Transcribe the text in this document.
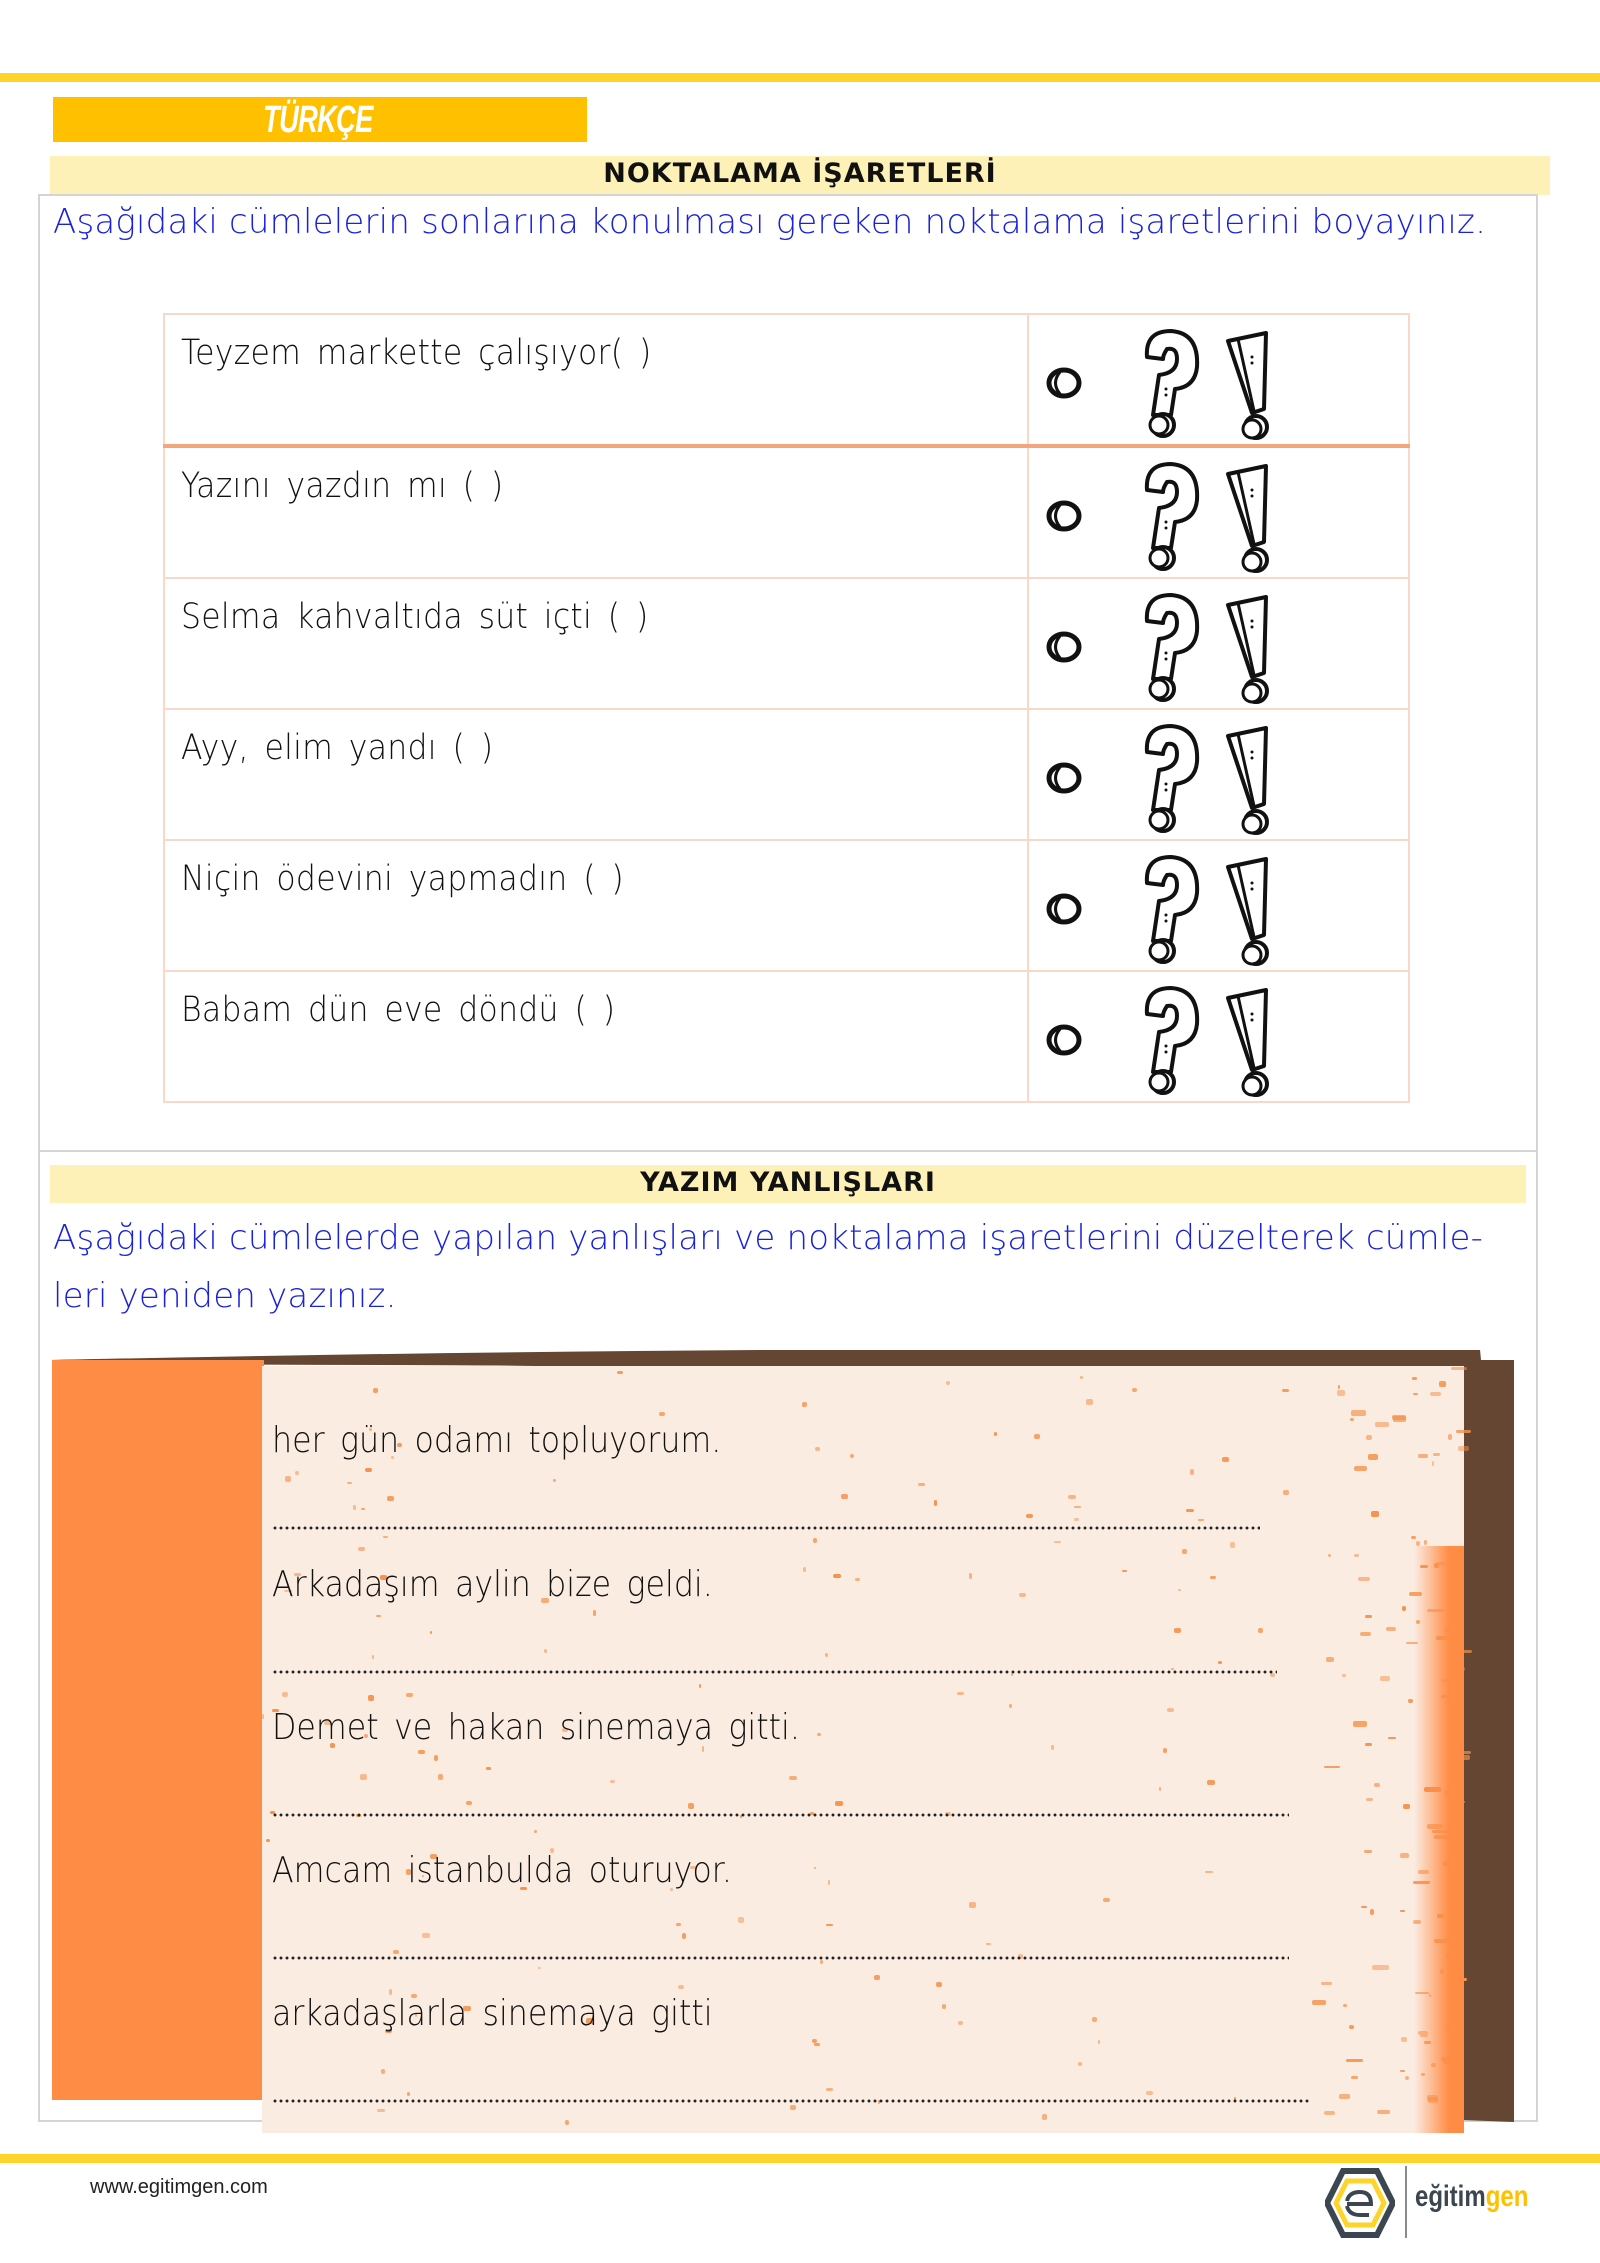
TÜRKÇE
NOKTALAMA İŞARETLERİ
Aşağıdaki cümlelerin sonlarına konulması gereken noktalama işaretlerini boyayınız.
Teyzem markette çalışıyor( )

Yazını yazdın mı ( )

Selma kahvaltıda süt içti ( )

Ayy, elim yandı ( )

Niçin ödevini yapmadın ( )

Babam dün eve döndü ( )

YAZIM YANLIŞLARI
Aşağıdaki cümlelerde yapılan yanlışları ve noktalama işaretlerini düzelterek cümle-
leri yeniden yazınız.
her gün odamı topluyorum.
Arkadaşım aylin bize geldi.
Demet ve hakan sinemaya gitti.
Amcam istanbulda oturuyor.
arkadaşlarla sinemaya gitti
www.egitimgen.com	eğitimgen
